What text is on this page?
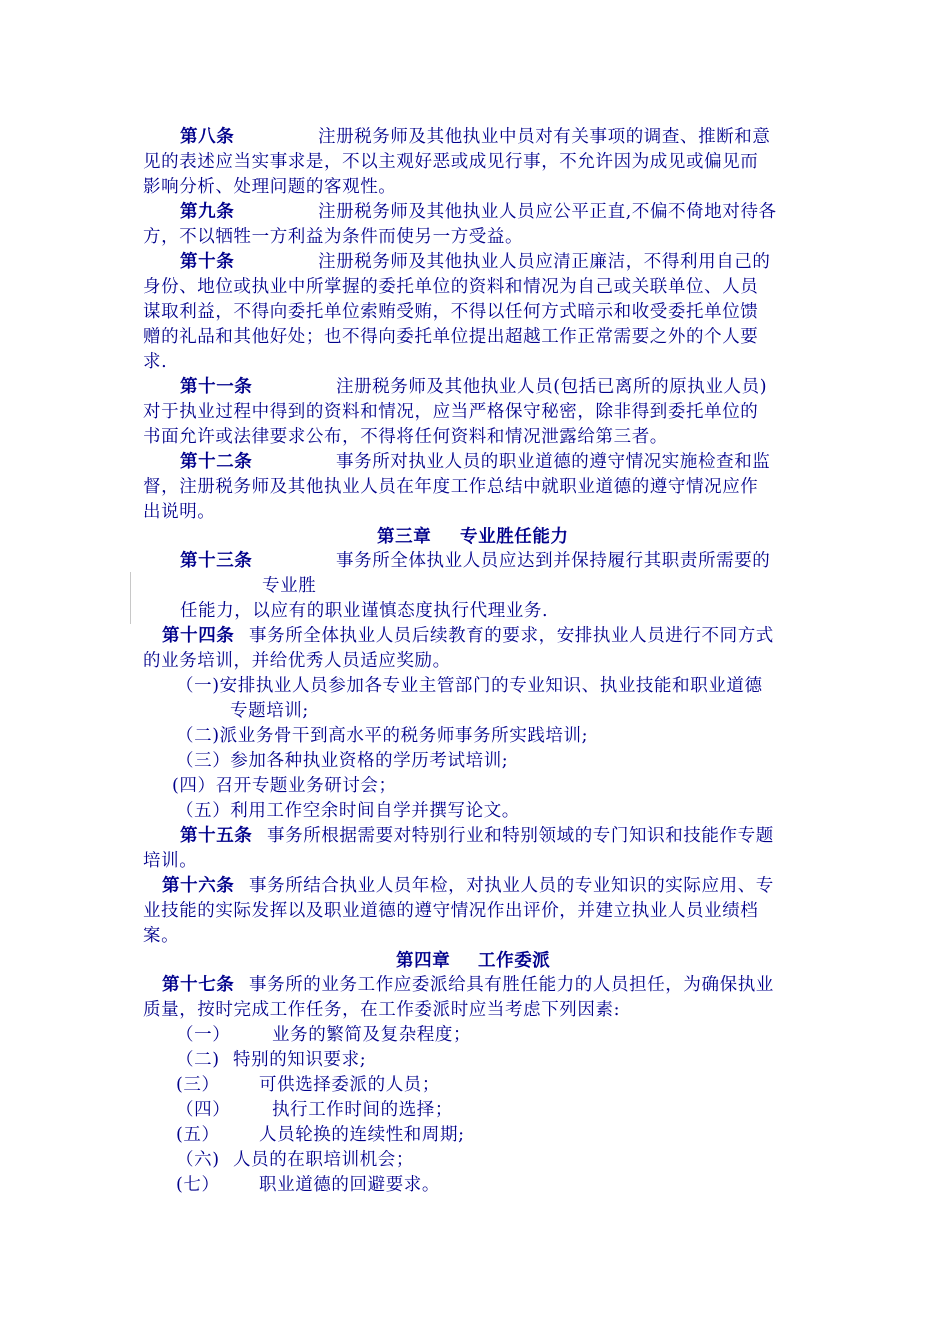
第八条	注册税务师及其他执业中员对有关事项的调查、推断和意
见的表述应当实事求是，不以主观好恶或成见行事，不允许因为成见或偏见而
影响分析、处理问题的客观性。
第九条	注册税务师及其他执业人员应公平正直,不偏不倚地对待各
方，不以牺牲一方利益为条件而使另一方受益。
第十条	注册税务师及其他执业人员应清正廉洁，不得利用自己的
身份、地位或执业中所掌握的委托单位的资料和情况为自己或关联单位、人员
谋取利益，不得向委托单位索贿受贿，不得以任何方式暗示和收受委托单位馈
赠的礼品和其他好处；也不得向委托单位提出超越工作正常需要之外的个人要
求.
第十一条	注册税务师及其他执业人员(包括已离所的原执业人员)
对于执业过程中得到的资料和情况，应当严格保守秘密，除非得到委托单位的
书面允许或法律要求公布，不得将任何资料和情况泄露给第三者。
第十二条	事务所对执业人员的职业道德的遵守情况实施检查和监
督，注册税务师及其他执业人员在年度工作总结中就职业道德的遵守情况应作
出说明。
第三章 专业胜任能力
第十三条	事务所全体执业人员应达到并保持履行其职责所需要的
专业胜
任能力，以应有的职业谨慎态度执行代理业务.
第十四条 事务所全体执业人员后续教育的要求，安排执业人员进行不同方式
的业务培训，并给优秀人员适应奖励。
（一)安排执业人员参加各专业主管部门的专业知识、执业技能和职业道德
专题培训;
（二)派业务骨干到高水平的税务师事务所实践培训;
（三）参加各种执业资格的学历考试培训;
(四）召开专题业务研讨会；
（五）利用工作空余时间自学并撰写论文。
第十五条 事务所根据需要对特别行业和特别领域的专门知识和技能作专题
培训。
第十六条 事务所结合执业人员年检，对执业人员的专业知识的实际应用、专
业技能的实际发挥以及职业道德的遵守情况作出评价，并建立执业人员业绩档
案。
第四章 工作委派
第十七条 事务所的业务工作应委派给具有胜任能力的人员担任，为确保执业
质量，按时完成工作任务，在工作委派时应当考虑下列因素:
（一） 业务的繁简及复杂程度；
（二) 特别的知识要求;
(三） 可供选择委派的人员；
（四） 执行工作时间的选择；
(五） 人员轮换的连续性和周期;
（六) 人员的在职培训机会；
(七） 职业道德的回避要求。
